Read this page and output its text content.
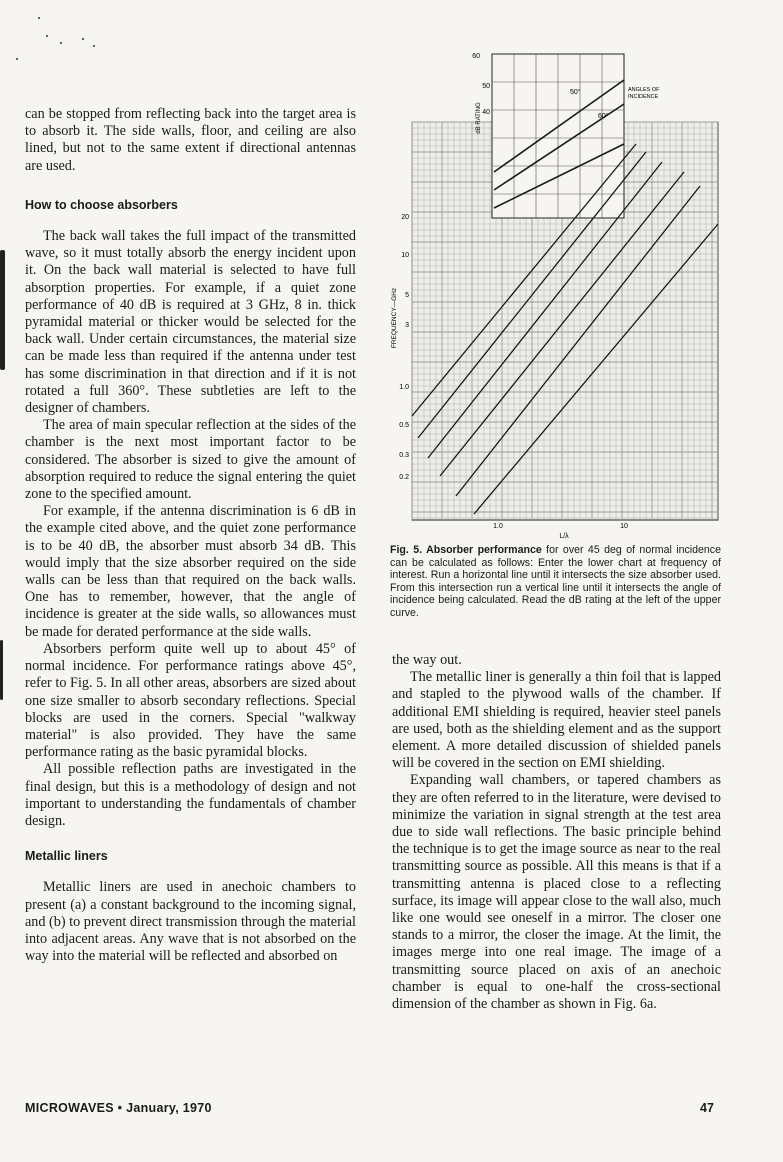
can be stopped from reflecting back into the target area is to absorb it. The side walls, floor, and ceiling are also lined, but not to the same extent if directional antennas are used.

How to choose absorbers

The back wall takes the full impact of the transmitted wave, so it must totally absorb the energy incident upon it. On the back wall material is selected to have full absorption properties. For example, if a quiet zone performance of 40 dB is required at 3 GHz, 8 in. thick pyramidal material or thicker would be selected for the back wall. Under certain circumstances, the material size can be made less than required if the antenna under test has some discrimination in that direction and if it is not rotated a full 360°. These subtleties are left to the designer of chambers.

The area of main specular reflection at the sides of the chamber is the next most important factor to be considered. The absorber is sized to give the amount of absorption required to reduce the signal entering the quiet zone to the specified amount.

For example, if the antenna discrimination is 6 dB in the example cited above, and the quiet zone performance is to be 40 dB, the absorber must absorb 34 dB. This would imply that the size absorber required on the side walls can be less than that required on the back walls. One has to remember, however, that the angle of incidence is greater at the side walls, so allowances must be made for derated performance at the side walls.

Absorbers perform quite well up to about 45° of normal incidence. For performance ratings above 45°, refer to Fig. 5. In all other areas, absorbers are sized about one size smaller to absorb secondary reflections. Special blocks are used in the corners. Special "walkway material" is also provided. They have the same performance rating as the basic pyramidal blocks.

All possible reflection paths are investigated in the final design, but this is a methodology of design and not important to understanding the fundamentals of chamber design.

Metallic liners

Metallic liners are used in anechoic chambers to present (a) a constant background to the incoming signal, and (b) to prevent direct transmission through the material into adjacent areas. Any wave that is not absorbed on the way into the material will be reflected and absorbed on

60
50
40
dB RATING
50°
60°
ANGLES OF
INCIDENCE
FREQUENCY—GHz
20
10
5
3
1.0
0.5
0.3
0.2
1.0	10
L/λ
Fig. 5. Absorber performance for over 45 deg of normal incidence can be calculated as follows: Enter the lower chart at frequency of interest. Run a horizontal line until it intersects the size absorber used. From this intersection run a vertical line until it intersects the angle of incidence being calculated. Read the dB rating at the left of the upper curve.

the way out.

The metallic liner is generally a thin foil that is lapped and stapled to the plywood walls of the chamber. If additional EMI shielding is required, heavier steel panels are used, both as the shielding element and as the support element. A more detailed discussion of shielded panels will be covered in the section on EMI shielding.

Expanding wall chambers, or tapered chambers as they are often referred to in the literature, were devised to minimize the variation in signal strength at the test area due to side wall reflections. The basic principle behind the technique is to get the image source as near to the real transmitting source as possible. All this means is that if a transmitting antenna is placed close to a reflecting surface, its image will appear close to the wall also, much like one would see oneself in a mirror. The closer one stands to a mirror, the closer the image. At the limit, the images merge into one real image. The image of a transmitting source placed on axis of an anechoic chamber is equal to one-half the cross-sectional dimension of the chamber as shown in Fig. 6a.

MICROWAVES • January, 1970	47
